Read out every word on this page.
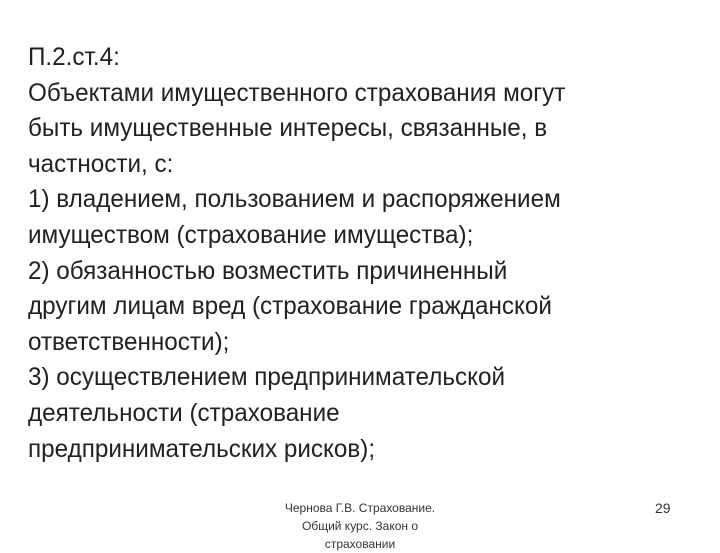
П.2.ст.4:
Объектами имущественного страхования могут
быть имущественные интересы, связанные, в
частности, с:
1) владением, пользованием и распоряжением
имуществом (страхование имущества);
2) обязанностью возместить причиненный
другим лицам вред (страхование гражданской
ответственности);
3) осуществлением предпринимательской
деятельности (страхование
предпринимательских рисков);
Чернова Г.В. Страхование.
Общий курс. Закон о
страховании
29
